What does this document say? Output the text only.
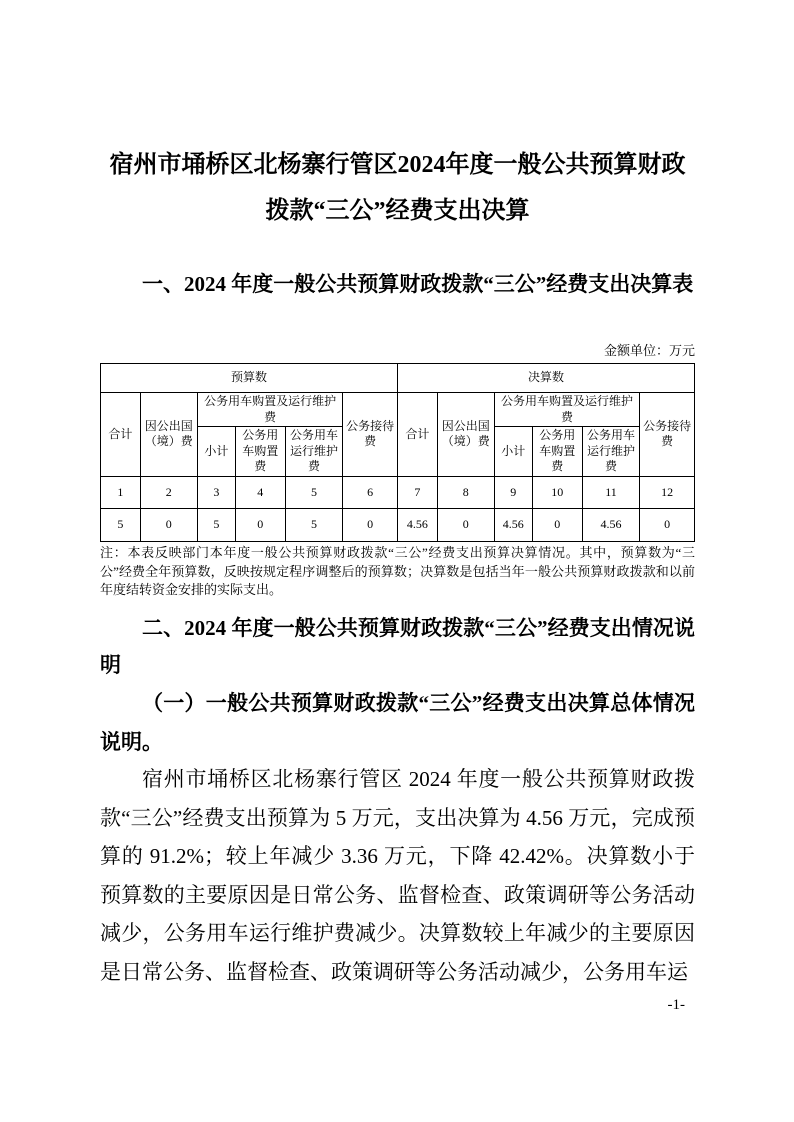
宿州市埇桥区北杨寨行管区2024年度一般公共预算财政
拨款“三公”经费支出决算
一、2024 年度一般公共预算财政拨款“三公”经费支出决算表
金额单位：万元
预算数						决算数					
合计	因公出国（境）费	公务用车购置及运行维护费			公务接待费	合计	因公出国（境）费	公务用车购置及运行维护费			公务接待费
		小计	公务用车购置费	公务用车运行维护费				小计	公务用车购置费	公务用车运行维护费	
1	2	3	4	5	6	7	8	9	10	11	12
5	0	5	0	5	0	4.56	0	4.56	0	4.56	0
注：本表反映部门本年度一般公共预算财政拨款“三公”经费支出预算决算情况。其中，预算数为“三公”经费全年预算数，反映按规定程序调整后的预算数；决算数是包括当年一般公共预算财政拨款和以前年度结转资金安排的实际支出。
二、2024 年度一般公共预算财政拨款“三公”经费支出情况说明
（一）一般公共预算财政拨款“三公”经费支出决算总体情况说明。

宿州市埇桥区北杨寨行管区 2024 年度一般公共预算财政拨款“三公”经费支出预算为 5 万元，支出决算为 4.56 万元，完成预算的 91.2%；较上年减少 3.36 万元，下降 42.42%。决算数小于预算数的主要原因是日常公务、监督检查、政策调研等公务活动减少，公务用车运行维护费减少。决算数较上年减少的主要原因是日常公务、监督检查、政策调研等公务活动减少，公务用车运

-1-
